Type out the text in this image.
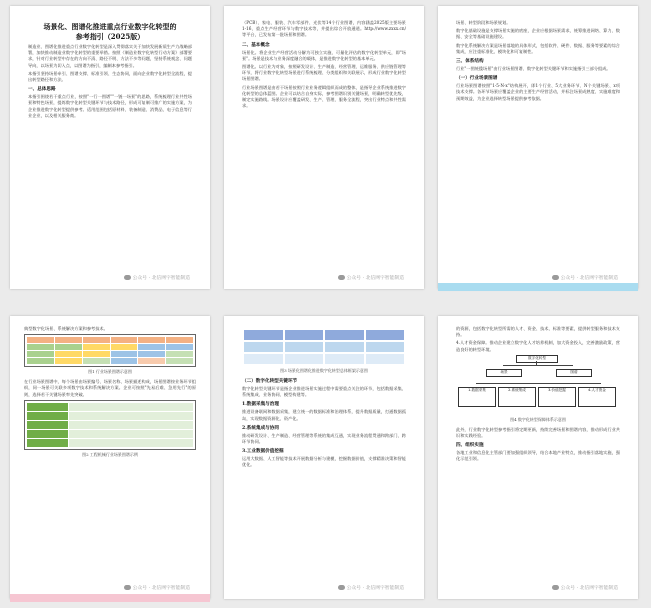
场景化、图谱化推进重点行业数字化转型的
参考指引（2025版）

制造业、图谱化推进重点行业数字化转型是深入贯彻落实关于加快发展新质生产力战略部署，加快推动制造业数字化转型的重要举措。按照《制造业数字化转型行动方案》部署要求，针对行业转型中存在的方向不清、路径不明、方法不多等问题，坚持系统观念、问题导向，以场景为切入点，以图谱为指引，编制本参考指引。

本指引坚持场景牵引、图谱支撑、标准引领、生态协同，面向企业数字化转型全流程，提出转型路径和方法。

一、总体思路

本指引围绕若干重点行业，按照"一行一图谱""一链一场景"的思路，系统梳理行业共性场景和特色场景，提炼数字化转型关键环节与技术路径，形成可复制可推广的实施方案，为企业推进数字化转型提供参考。适用范围包括原材料、装备制造、消费品、电子信息等行业企业，以及相关服务商。

公众号 · 北信网字智能制造

（PCB）、家电、服装、汽车零部件、光伏等14个行业图谱，内容涵盖2025版主要场景1-16、重点生产经营环节与数字技术等，并提出综合开放通道。http://www.zxxx.cn/ 等平台，已发布第一批场景和图谱。

二、基本概念

场景化。将企业生产经营活动分解为可独立实施、可量化评估的数字化转型单元，即"场景"。场景是技术与业务深度融合的载体，是推进数字化转型的基本单元。

图谱化。以行业为对象，按照研发设计、生产制造、经营管理、运维服务、供应链管理等环节，将行业数字化转型场景进行系统梳理、分类组织和关联展示，形成行业数字化转型场景图谱。

行业场景图谱是由若干场景按照行业业务逻辑组织而成的整体，是指导企业系统推进数字化转型的总体蓝图。企业可以结合自身实际，参考图谱识别关键场景，明确转型优先级，制定实施路线。场景设计应覆盖研发、生产、管理、服务全流程，突出行业特点和共性需求。

公众号 · 北信网字智能制造

场景、转型阶段和场景规划。

数字化基础设施是支撑场景实施的底座，企业应根据场景需求，统筹推进网络、算力、数据、安全等基础设施建设。

数字化系统解决方案是场景落地的具体形式，包括软件、硬件、数据、服务等要素的综合集成，应注重标准化、模块化和可复制性。

三、体系结构

行业"一图统揽场景"由行业场景图谱、数字化转型关键环节和实施指引三部分组成。

（一）行业场景图谱

行业场景图谱按照"1-5-N-x"结构展开，即1个行业、5大业务环节、N个关键场景、x项技术支撑。各环节场景应覆盖企业的主要生产经营活动，并标注场景成熟度、实施难度和预期效益，为企业选择转型场景提供参考依据。

公众号 · 北信网字智能制造

典型数字化场景、系统解决方案和参考技术。

图1 行业场景图谱示意图

在行业场景图谱中，每个场景由场景编号、场景名称、场景描述构成，场景图谱按业务环节组织，同一场景可关联多项数字技术和系统解决方案。企业可按照"先易后难、急用先行"的原则，选择若干关键场景率先突破。

图2 工程机械行业场景图谱示例
公众号 · 北信网字智能制造
图3 场景化图谱化推进数字化转型总体框架示意图

（二）数字化转型关键环节

数字化转型关键环节是指企业推进场景实施过程中需要重点关注的环节，包括数据采集、系统集成、业务协同、模型构建等。

1.数据采集与治理

推进设备联网和数据采集，建立统一的数据标准和治理体系，提升数据质量，打通数据孤岛，实现数据资源化、资产化。

2.系统集成与协同

推动研发设计、生产制造、经营管理等系统的集成互通，实现业务流程贯通和跨部门、跨环节协同。

3.工业数据价值挖掘

运用大数据、人工智能等技术开展数据分析与建模，挖掘数据价值，支撑精准决策和智能优化。

公众号 · 北信网字智能制造

的资源，包括数字化转型所需的人才、资金、技术、标准等要素，提供转型服务和技术支持。

4.人才资金保障。推动企业建立数字化人才培养机制，加大资金投入，完善激励政策，营造良好的转型环境。

数字化转型
场景	图谱
1.数据采集	2.系统集成	3.价值挖掘	4.人才资金
图4 数字化转型保障体系示意图

此外，行业数字化转型参考指引将定期更新，持续完善场景和图谱内容，推动形成行业共识和实践经验。

四、组织实施

各地工业和信息化主管部门要加强组织领导，结合本地产业特点，推动指引落地实施，强化示范引领。

公众号 · 北信网字智能制造
